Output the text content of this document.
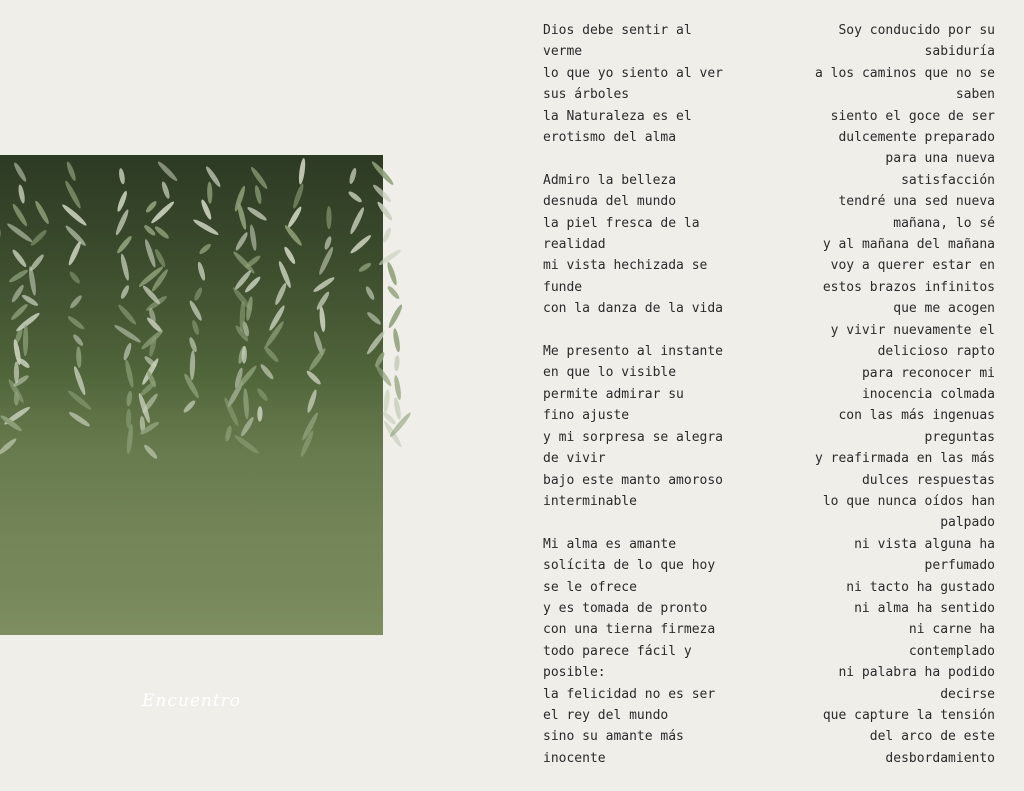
Encuentro
Dios debe sentir al
verme
lo que yo siento al ver
sus árboles
la Naturaleza es el
erotismo del alma
Admiro la belleza
desnuda del mundo
la piel fresca de la
realidad
mi vista hechizada se
funde
con la danza de la vida
Me presento al instante
en que lo visible
permite admirar su
fino ajuste
y mi sorpresa se alegra
de vivir
bajo este manto amoroso
interminable
Mi alma es amante
solícita de lo que hoy
se le ofrece
y es tomada de pronto
con una tierna firmeza
todo parece fácil y
posible:
la felicidad no es ser
el rey del mundo
sino su amante más
inocente
Soy conducido por su
sabiduría
a los caminos que no se
saben
siento el goce de ser
dulcemente preparado
para una nueva
satisfacción
tendré una sed nueva
mañana, lo sé
y al mañana del mañana
voy a querer estar en
estos brazos infinitos
que me acogen
y vivir nuevamente el
delicioso rapto
para reconocer mi
inocencia colmada
con las más ingenuas
preguntas
y reafirmada en las más
dulces respuestas
lo que nunca oídos han
palpado
ni vista alguna ha
perfumado
ni tacto ha gustado
ni alma ha sentido
ni carne ha
contemplado
ni palabra ha podido
decirse
que capture la tensión
del arco de este
desbordamiento
